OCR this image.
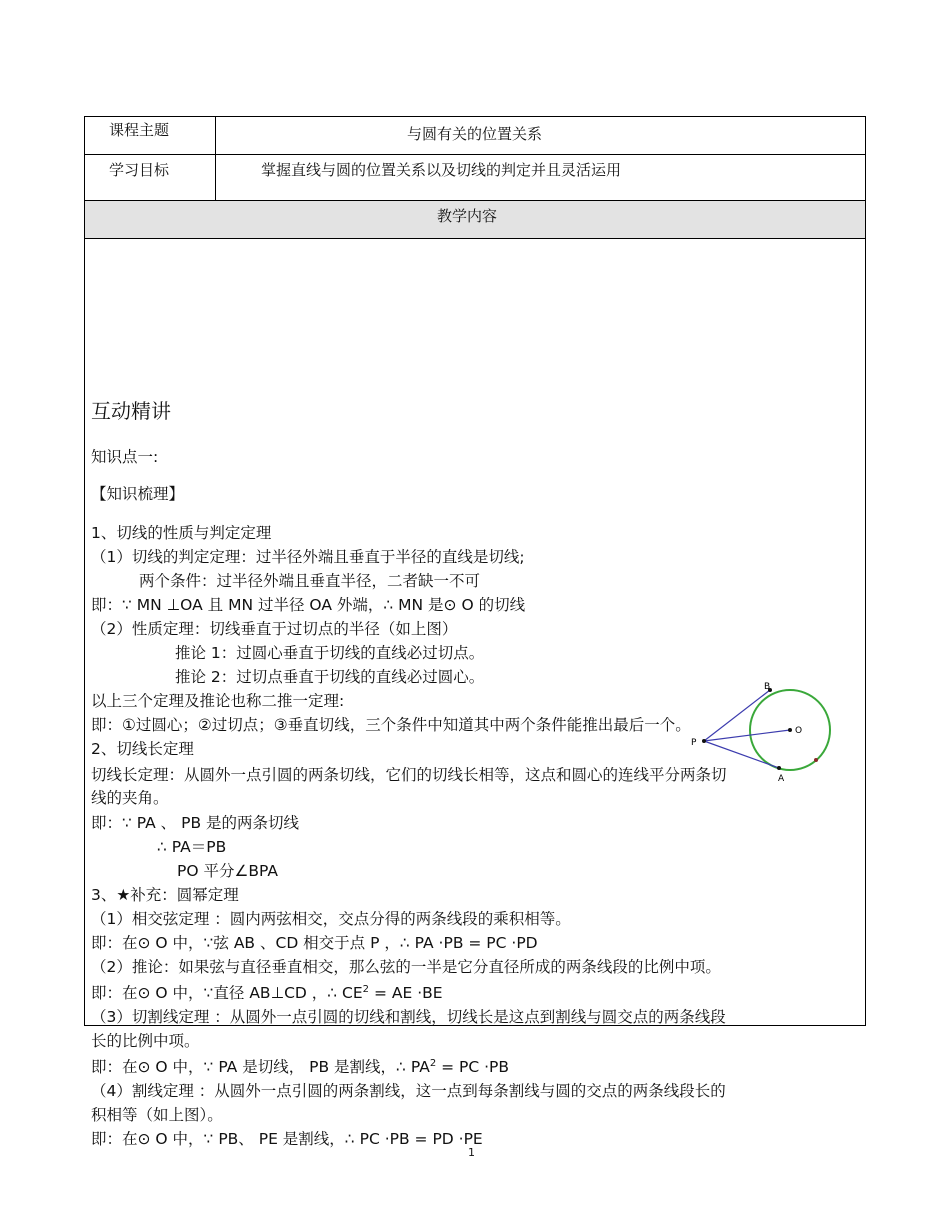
课程主题	与圆有关的位置关系
学习目标	掌握直线与圆的位置关系以及切线的判定并且灵活运用
教学内容
互动精讲
知识点一:
【知识梳理】
1、切线的性质与判定定理
（1）切线的判定定理：过半径外端且垂直于半径的直线是切线;
两个条件：过半径外端且垂直半径，二者缺一不可
即：∵ MN ⊥OA 且 MN 过半径 OA 外端，∴ MN 是⊙ O 的切线
（2）性质定理：切线垂直于过切点的半径（如上图）
推论 1：过圆心垂直于切线的直线必过切点。
推论 2：过切点垂直于切线的直线必过圆心。
以上三个定理及推论也称二推一定理:
即：①过圆心；②过切点；③垂直切线，三个条件中知道其中两个条件能推出最后一个。
2、切线长定理
切线长定理：从圆外一点引圆的两条切线，它们的切线长相等，这点和圆心的连线平分两条切
线的夹角。
即：∵ PA 、 PB 是的两条切线
∴ PA＝PB
PO 平分∠BPA
3、★补充：圆幂定理
（1）相交弦定理 ：圆内两弦相交，交点分得的两条线段的乘积相等。
即：在⊙ O 中，∵弦 AB 、CD 相交于点 P ，∴ PA ·PB = PC ·PD
（2）推论：如果弦与直径垂直相交，那么弦的一半是它分直径所成的两条线段的比例中项。
即：在⊙ O 中，∵直径 AB⊥CD ，∴ $CE^2$ = AE ·BE
（3）切割线定理 ：从圆外一点引圆的切线和割线，切线长是这点到割线与圆交点的两条线段
长的比例中项。
即：在⊙ O 中，∵ PA 是切线， PB 是割线，∴ $PA^2$ = PC ·PB
（4）割线定理 ：从圆外一点引圆的两条割线，这一点到每条割线与圆的交点的两条线段长的
积相等（如上图）。
即：在⊙ O 中，∵ PB、 PE 是割线，∴ PC ·PB = PD ·PE
B
O
P
A
1
